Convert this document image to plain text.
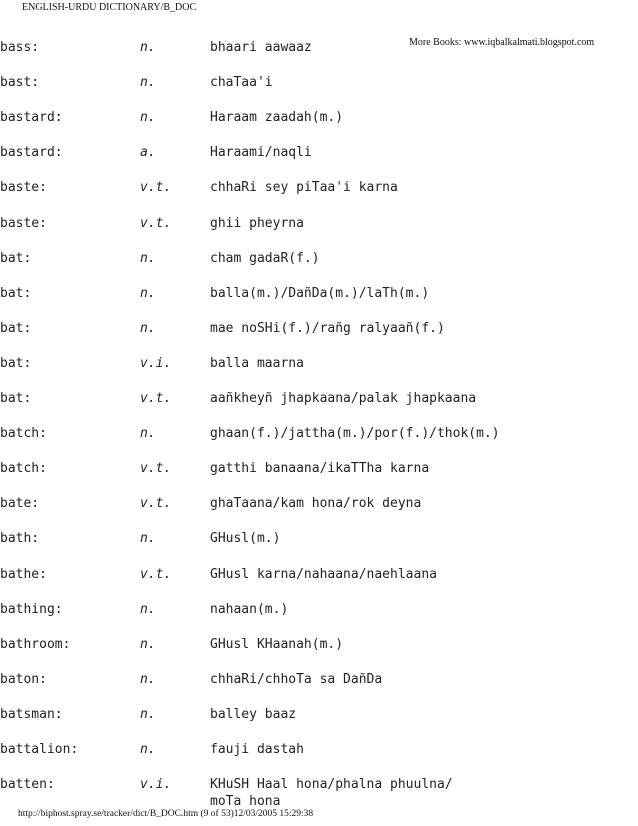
ENGLISH-URDU DICTIONARY/B_DOC
More Books: www.iqbalkalmati.blogspot.com
bass:	n.	bhaari aawaaz
bast:	n.	chaTaa'i
bastard:	n.	Haraam zaadah(m.)
bastard:	a.	Haraami/naqli
baste:	v.t.	chhaRi sey piTaa'i karna
baste:	v.t.	ghii pheyrna
bat:	n.	cham gadaR(f.)
bat:	n.	balla(m.)/DañDa(m.)/laTh(m.)
bat:	n.	mae noSHi(f.)/rañg ralyaañ(f.)
bat:	v.i.	balla maarna
bat:	v.t.	aañkheyñ jhapkaana/palak jhapkaana
batch:	n.	ghaan(f.)/jattha(m.)/por(f.)/thok(m.)
batch:	v.t.	gatthi banaana/ikaTTha karna
bate:	v.t.	ghaTaana/kam hona/rok deyna
bath:	n.	GHusl(m.)
bathe:	v.t.	GHusl karna/nahaana/naehlaana
bathing:	n.	nahaan(m.)
bathroom:	n.	GHusl KHaanah(m.)
baton:	n.	chhaRi/chhoTa sa DañDa
batsman:	n.	balley baaz
battalion:	n.	fauji dastah
batten:	v.i.	KHuSH Haal hona/phalna phuulna/
moTa hona
http://biphost.spray.se/tracker/dict/B_DOC.htm (9 of 53)12/03/2005 15:29:38
